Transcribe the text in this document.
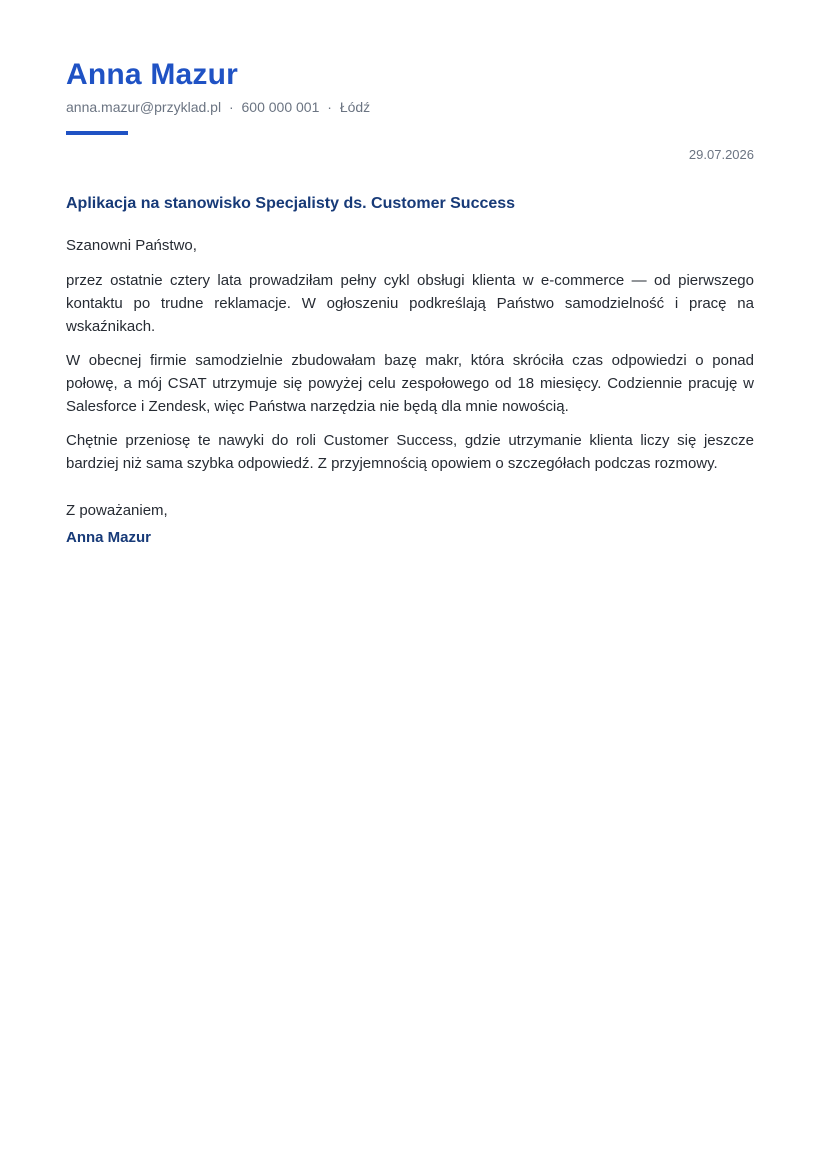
Anna Mazur
anna.mazur@przyklad.pl · 600 000 001 · Łódź
29.07.2026
Aplikacja na stanowisko Specjalisty ds. Customer Success

Szanowni Państwo,

przez ostatnie cztery lata prowadziłam pełny cykl obsługi klienta w e-commerce — od pierwszego kontaktu po trudne reklamacje. W ogłoszeniu podkreślają Państwo samodzielność i pracę na wskaźnikach.

W obecnej firmie samodzielnie zbudowałam bazę makr, która skróciła czas odpowiedzi o ponad połowę, a mój CSAT utrzymuje się powyżej celu zespołowego od 18 miesięcy. Codziennie pracuję w Salesforce i Zendesk, więc Państwa narzędzia nie będą dla mnie nowością.

Chętnie przeniosę te nawyki do roli Customer Success, gdzie utrzymanie klienta liczy się jeszcze bardziej niż sama szybka odpowiedź. Z przyjemnością opowiem o szczegółach podczas rozmowy.

Z poważaniem,

Anna Mazur
